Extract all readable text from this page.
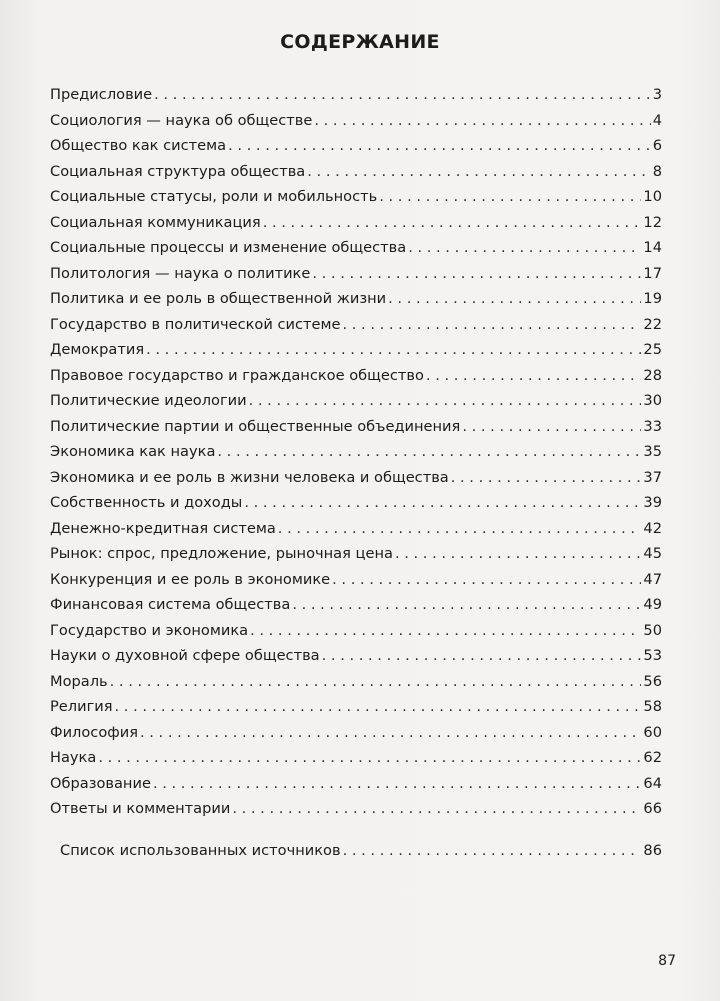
СОДЕРЖАНИЕ
Предисловие . . .	3
Социология — наука об обществе . . .	4
Общество как система . . .	6
Социальная структура общества . . .	8
Социальные статусы, роли и мобильность . . .	10
Социальная коммуникация . . .	12
Социальные процессы и изменение общества . . .	14
Политология — наука о политике . . .	17
Политика и ее роль в общественной жизни . . .	19
Государство в политической системе . . .	22
Демократия . . .	25
Правовое государство и гражданское общество . . .	28
Политические идеологии . . .	30
Политические партии и общественные объединения . . .	33
Экономика как наука . . .	35
Экономика и ее роль в жизни человека и общества . . .	37
Собственность и доходы . . .	39
Денежно-кредитная система . . .	42
Рынок: спрос, предложение, рыночная цена . . .	45
Конкуренция и ее роль в экономике . . .	47
Финансовая система общества . . .	49
Государство и экономика . . .	50
Науки о духовной сфере общества . . .	53
Мораль . . .	56
Религия . . .	58
Философия . . .	60
Наука . . .	62
Образование . . .	64
Ответы и комментарии . . .	66
Список использованных источников . . .	86
87
